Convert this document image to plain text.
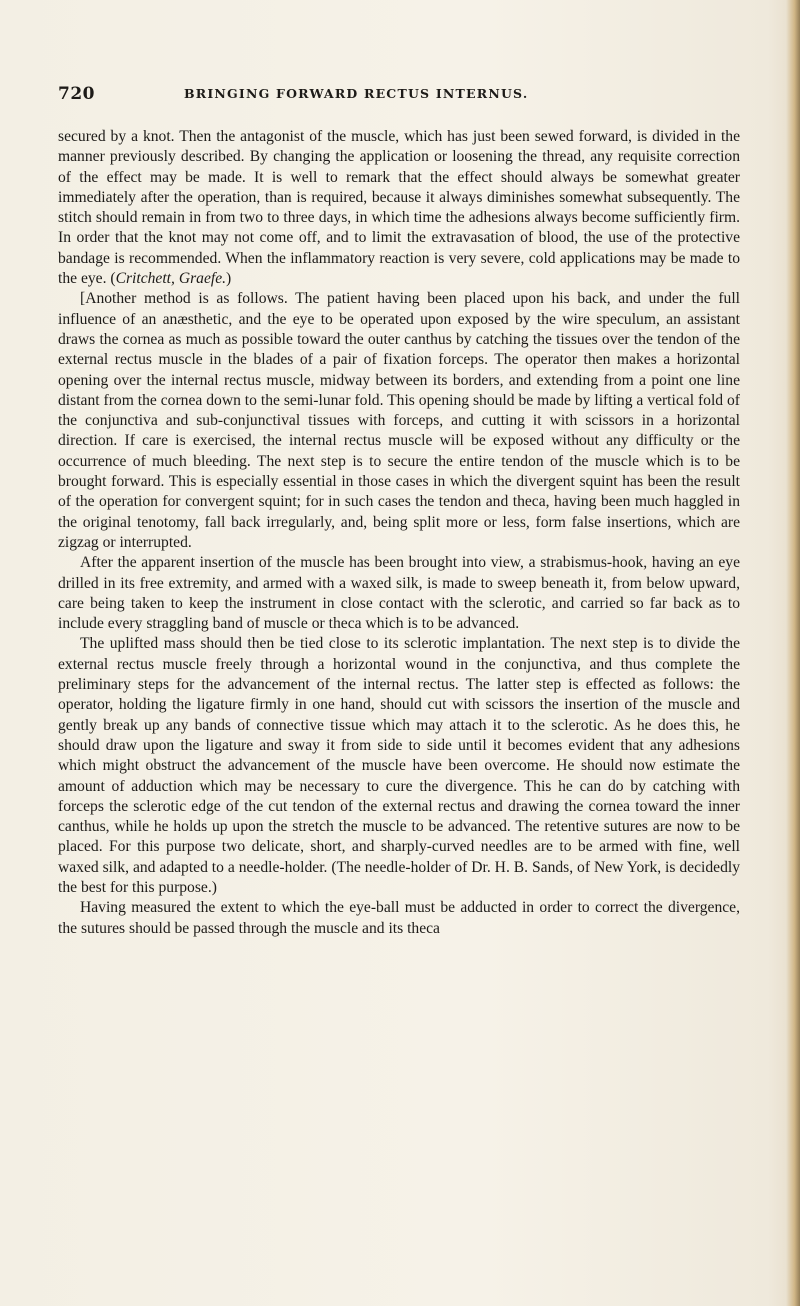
720	BRINGING FORWARD RECTUS INTERNUS.

secured by a knot. Then the antagonist of the muscle, which has just been sewed forward, is divided in the manner previously described. By changing the application or loosening the thread, any requisite correction of the effect may be made. It is well to remark that the effect should always be somewhat greater immediately after the operation, than is required, because it always diminishes somewhat subsequently. The stitch should remain in from two to three days, in which time the adhesions always become sufficiently firm. In order that the knot may not come off, and to limit the extravasation of blood, the use of the protective bandage is recommended. When the inflammatory reaction is very severe, cold applications may be made to the eye. (Critchett, Graefe.)

[Another method is as follows. The patient having been placed upon his back, and under the full influence of an anæsthetic, and the eye to be operated upon exposed by the wire speculum, an assistant draws the cornea as much as possible toward the outer canthus by catching the tissues over the tendon of the external rectus muscle in the blades of a pair of fixation forceps. The operator then makes a horizontal opening over the internal rectus muscle, midway between its borders, and extending from a point one line distant from the cornea down to the semi-lunar fold. This opening should be made by lifting a vertical fold of the conjunctiva and sub-conjunctival tissues with forceps, and cutting it with scissors in a horizontal direction. If care is exercised, the internal rectus muscle will be exposed without any difficulty or the occurrence of much bleeding. The next step is to secure the entire tendon of the muscle which is to be brought forward. This is especially essential in those cases in which the divergent squint has been the result of the operation for convergent squint; for in such cases the tendon and theca, having been much haggled in the original tenotomy, fall back irregularly, and, being split more or less, form false insertions, which are zigzag or interrupted.

After the apparent insertion of the muscle has been brought into view, a strabismus-hook, having an eye drilled in its free extremity, and armed with a waxed silk, is made to sweep beneath it, from below upward, care being taken to keep the instrument in close contact with the sclerotic, and carried so far back as to include every straggling band of muscle or theca which is to be advanced.

The uplifted mass should then be tied close to its sclerotic implantation. The next step is to divide the external rectus muscle freely through a horizontal wound in the conjunctiva, and thus complete the preliminary steps for the advancement of the internal rectus. The latter step is effected as follows: the operator, holding the ligature firmly in one hand, should cut with scissors the insertion of the muscle and gently break up any bands of connective tissue which may attach it to the sclerotic. As he does this, he should draw upon the ligature and sway it from side to side until it becomes evident that any adhesions which might obstruct the advancement of the muscle have been overcome. He should now estimate the amount of adduction which may be necessary to cure the divergence. This he can do by catching with forceps the sclerotic edge of the cut tendon of the external rectus and drawing the cornea toward the inner canthus, while he holds up upon the stretch the muscle to be advanced. The retentive sutures are now to be placed. For this purpose two delicate, short, and sharply-curved needles are to be armed with fine, well waxed silk, and adapted to a needle-holder. (The needle-holder of Dr. H. B. Sands, of New York, is decidedly the best for this purpose.)

Having measured the extent to which the eye-ball must be adducted in order to correct the divergence, the sutures should be passed through the muscle and its theca
